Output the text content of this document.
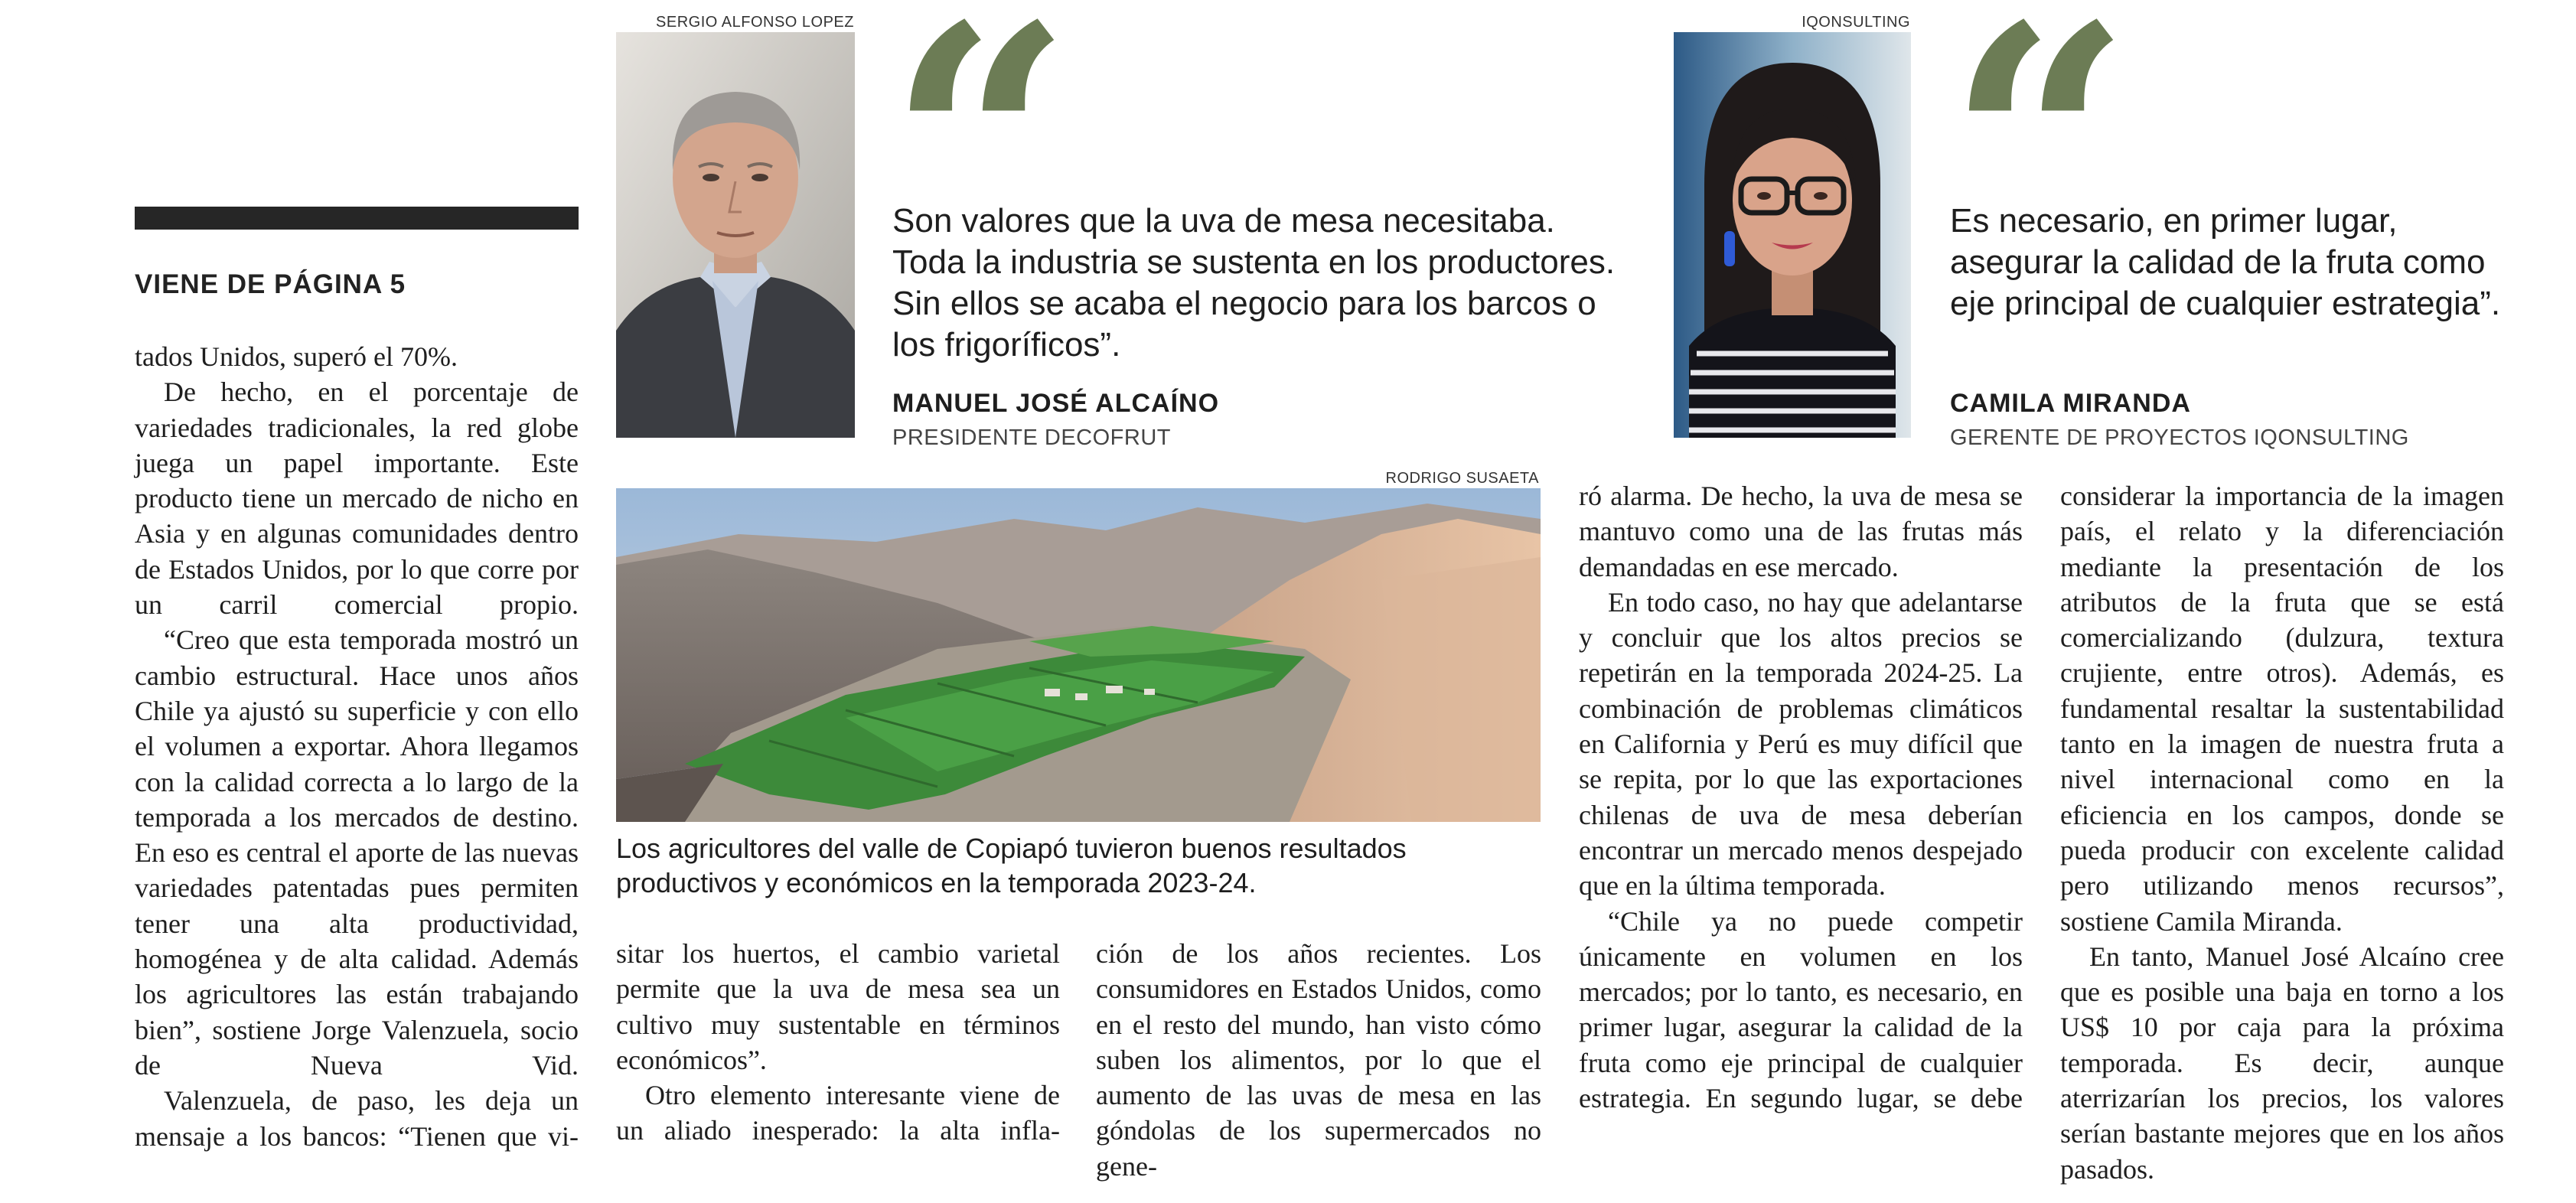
VIENE DE PÁGINA 5

tados Unidos, superó el 70%.

De hecho, en el porcentaje de variedades tradicionales, la red globe juega un papel importante. Este producto tiene un mercado de nicho en Asia y en algunas comunidades dentro de Estados Unidos, por lo que corre por un carril comercial propio.

“Creo que esta temporada mostró un cambio estructural. Hace unos años Chile ya ajustó su superficie y con ello el volumen a exportar. Ahora llegamos con la calidad correcta a lo largo de la temporada a los mercados de destino. En eso es central el aporte de las nuevas variedades patentadas pues permiten tener una alta productividad, homogénea y de alta calidad. Además los agricultores las están trabajando bien”, sostiene Jorge Valenzuela, socio de Nueva Vid.

Valenzuela, de paso, les deja un mensaje a los bancos: “Tienen que vi-

SERGIO ALFONSO LOPEZ
Son valores que la uva de mesa necesitaba. Toda la industria se sustenta en los productores. Sin ellos se acaba el negocio para los barcos o los frigoríficos”.
MANUEL JOSÉ ALCAÍNO
PRESIDENTE DECOFRUT
IQONSULTING
Es necesario, en primer lugar, asegurar la calidad de la fruta como eje principal de cualquier estrategia”.
CAMILA MIRANDA
GERENTE DE PROYECTOS IQONSULTING
RODRIGO SUSAETA
Los agricultores del valle de Copiapó tuvieron buenos resultados productivos y económicos en la temporada 2023-24.

sitar los huertos, el cambio varietal permite que la uva de mesa sea un cultivo muy sustentable en términos económicos”.

Otro elemento interesante viene de un aliado inesperado: la alta infla-

ción de los años recientes. Los consumidores en Estados Unidos, como en el resto del mundo, han visto cómo suben los alimentos, por lo que el aumento de las uvas de mesa en las góndolas de los supermercados no gene-

ró alarma. De hecho, la uva de mesa se mantuvo como una de las frutas más demandadas en ese mercado.

En todo caso, no hay que adelantarse y concluir que los altos precios se repetirán en la temporada 2024-25. La combinación de problemas climáticos en California y Perú es muy difícil que se repita, por lo que las exportaciones chilenas de uva de mesa deberían encontrar un mercado menos despejado que en la última temporada.

“Chile ya no puede competir únicamente en volumen en los mercados; por lo tanto, es necesario, en primer lugar, asegurar la calidad de la fruta como eje principal de cualquier estrategia. En segundo lugar, se debe

considerar la importancia de la imagen país, el relato y la diferenciación mediante la presentación de los atributos de la fruta que se está comercializando (dulzura, textura crujiente, entre otros). Además, es fundamental resaltar la sustentabilidad tanto en la imagen de nuestra fruta a nivel internacional como en la eficiencia en los campos, donde se pueda producir con excelente calidad pero utilizando menos recursos”, sostiene Camila Miranda.

En tanto, Manuel José Alcaíno cree que es posible una baja en torno a los US$ 10 por caja para la próxima temporada. Es decir, aunque aterrizarían los precios, los valores serían bastante mejores que en los años pasados.
